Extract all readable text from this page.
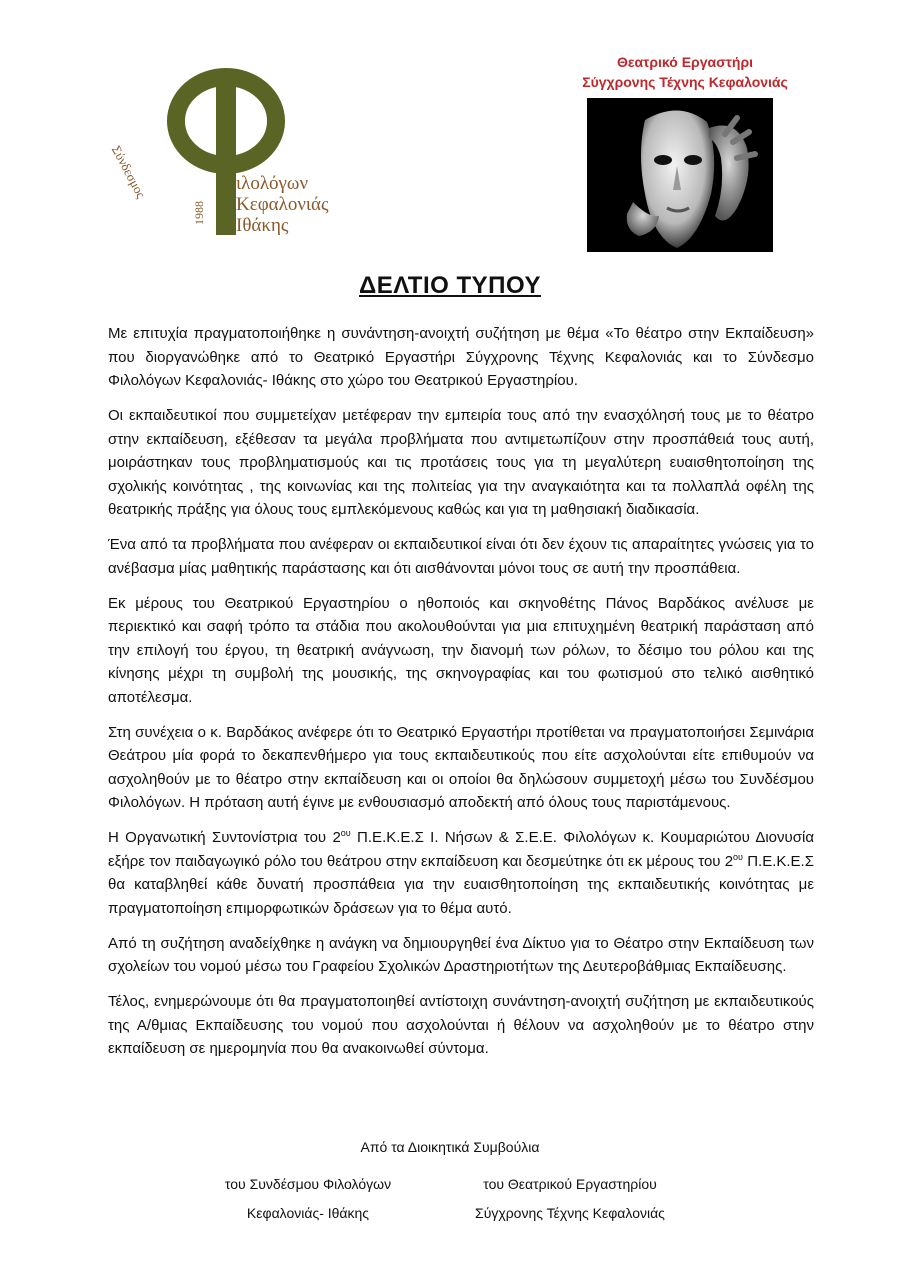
Σύνδεσμος
1988
ιλολόγων
Κεφαλονιάς
Ιθάκης
Θεατρικό Εργαστήρι
Σύγχρονης Τέχνης Κεφαλονιάς
ΔΕΛΤΙΟ ΤΥΠΟΥ

Με επιτυχία πραγματοποιήθηκε η συνάντηση-ανοιχτή συζήτηση με θέμα «Το θέατρο στην Εκπαίδευση» που διοργανώθηκε από το Θεατρικό Εργαστήρι Σύγχρονης Τέχνης Κεφαλονιάς και το Σύνδεσμο Φιλολόγων Κεφαλονιάς- Ιθάκης στο χώρο του Θεατρικού Εργαστηρίου.

Οι εκπαιδευτικοί που συμμετείχαν μετέφεραν την εμπειρία τους από την ενασχόλησή τους με το θέατρο στην εκπαίδευση, εξέθεσαν τα μεγάλα προβλήματα που αντιμετωπίζουν στην προσπάθειά τους αυτή, μοιράστηκαν τους προβληματισμούς και τις προτάσεις τους για τη μεγαλύτερη ευαισθητοποίηση της σχολικής κοινότητας , της κοινωνίας και της πολιτείας για την αναγκαιότητα και τα πολλαπλά οφέλη της θεατρικής πράξης για όλους τους εμπλεκόμενους καθώς και για τη μαθησιακή διαδικασία.

Ένα από τα προβλήματα που ανέφεραν οι εκπαιδευτικοί είναι ότι δεν έχουν τις απαραίτητες γνώσεις για το ανέβασμα μίας μαθητικής παράστασης και ότι αισθάνονται μόνοι τους σε αυτή την προσπάθεια.

Εκ μέρους του Θεατρικού Εργαστηρίου ο ηθοποιός και σκηνοθέτης Πάνος Βαρδάκος ανέλυσε με περιεκτικό και σαφή τρόπο τα στάδια που ακολουθούνται για μια επιτυχημένη θεατρική παράσταση από την επιλογή του έργου, τη θεατρική ανάγνωση, την διανομή των ρόλων, το δέσιμο του ρόλου και της κίνησης μέχρι τη συμβολή της μουσικής, της σκηνογραφίας και του φωτισμού στο τελικό αισθητικό αποτέλεσμα.

Στη συνέχεια ο κ. Βαρδάκος ανέφερε ότι το Θεατρικό Εργαστήρι προτίθεται να πραγματοποιήσει Σεμινάρια Θεάτρου μία φορά το δεκαπενθήμερο για τους εκπαιδευτικούς που είτε ασχολούνται είτε επιθυμούν να ασχοληθούν με το θέατρο στην εκπαίδευση και οι οποίοι θα δηλώσουν συμμετοχή μέσω του Συνδέσμου Φιλολόγων. Η πρόταση αυτή έγινε με ενθουσιασμό αποδεκτή από όλους τους παριστάμενους.

Η Οργανωτική Συντονίστρια του $2^{o\upsilon}$ Π.Ε.Κ.Ε.Σ Ι. Νήσων & Σ.Ε.Ε. Φιλολόγων κ. Κουμαριώτου Διονυσία εξήρε τον παιδαγωγικό ρόλο του θεάτρου στην εκπαίδευση και δεσμεύτηκε ότι εκ μέρους του $2^{o\upsilon}$ Π.Ε.Κ.Ε.Σ θα καταβληθεί κάθε δυνατή προσπάθεια για την ευαισθητοποίηση της εκπαιδευτικής κοινότητας με πραγματοποίηση επιμορφωτικών δράσεων για το θέμα αυτό.

Από τη συζήτηση αναδείχθηκε η ανάγκη να δημιουργηθεί ένα Δίκτυο για το Θέατρο στην Εκπαίδευση των σχολείων του νομού μέσω του Γραφείου Σχολικών Δραστηριοτήτων της Δευτεροβάθμιας Εκπαίδευσης.

Τέλος, ενημερώνουμε ότι θα πραγματοποιηθεί αντίστοιχη συνάντηση-ανοιχτή συζήτηση με εκπαιδευτικούς της Α/θμιας Εκπαίδευσης του νομού που ασχολούνται ή θέλουν να ασχοληθούν με το θέατρο στην εκπαίδευση σε ημερομηνία που θα ανακοινωθεί σύντομα.

Από τα Διοικητικά Συμβούλια
του Συνδέσμου Φιλολόγων
Κεφαλονιάς- Ιθάκης
του Θεατρικού Εργαστηρίου
Σύγχρονης Τέχνης Κεφαλονιάς
